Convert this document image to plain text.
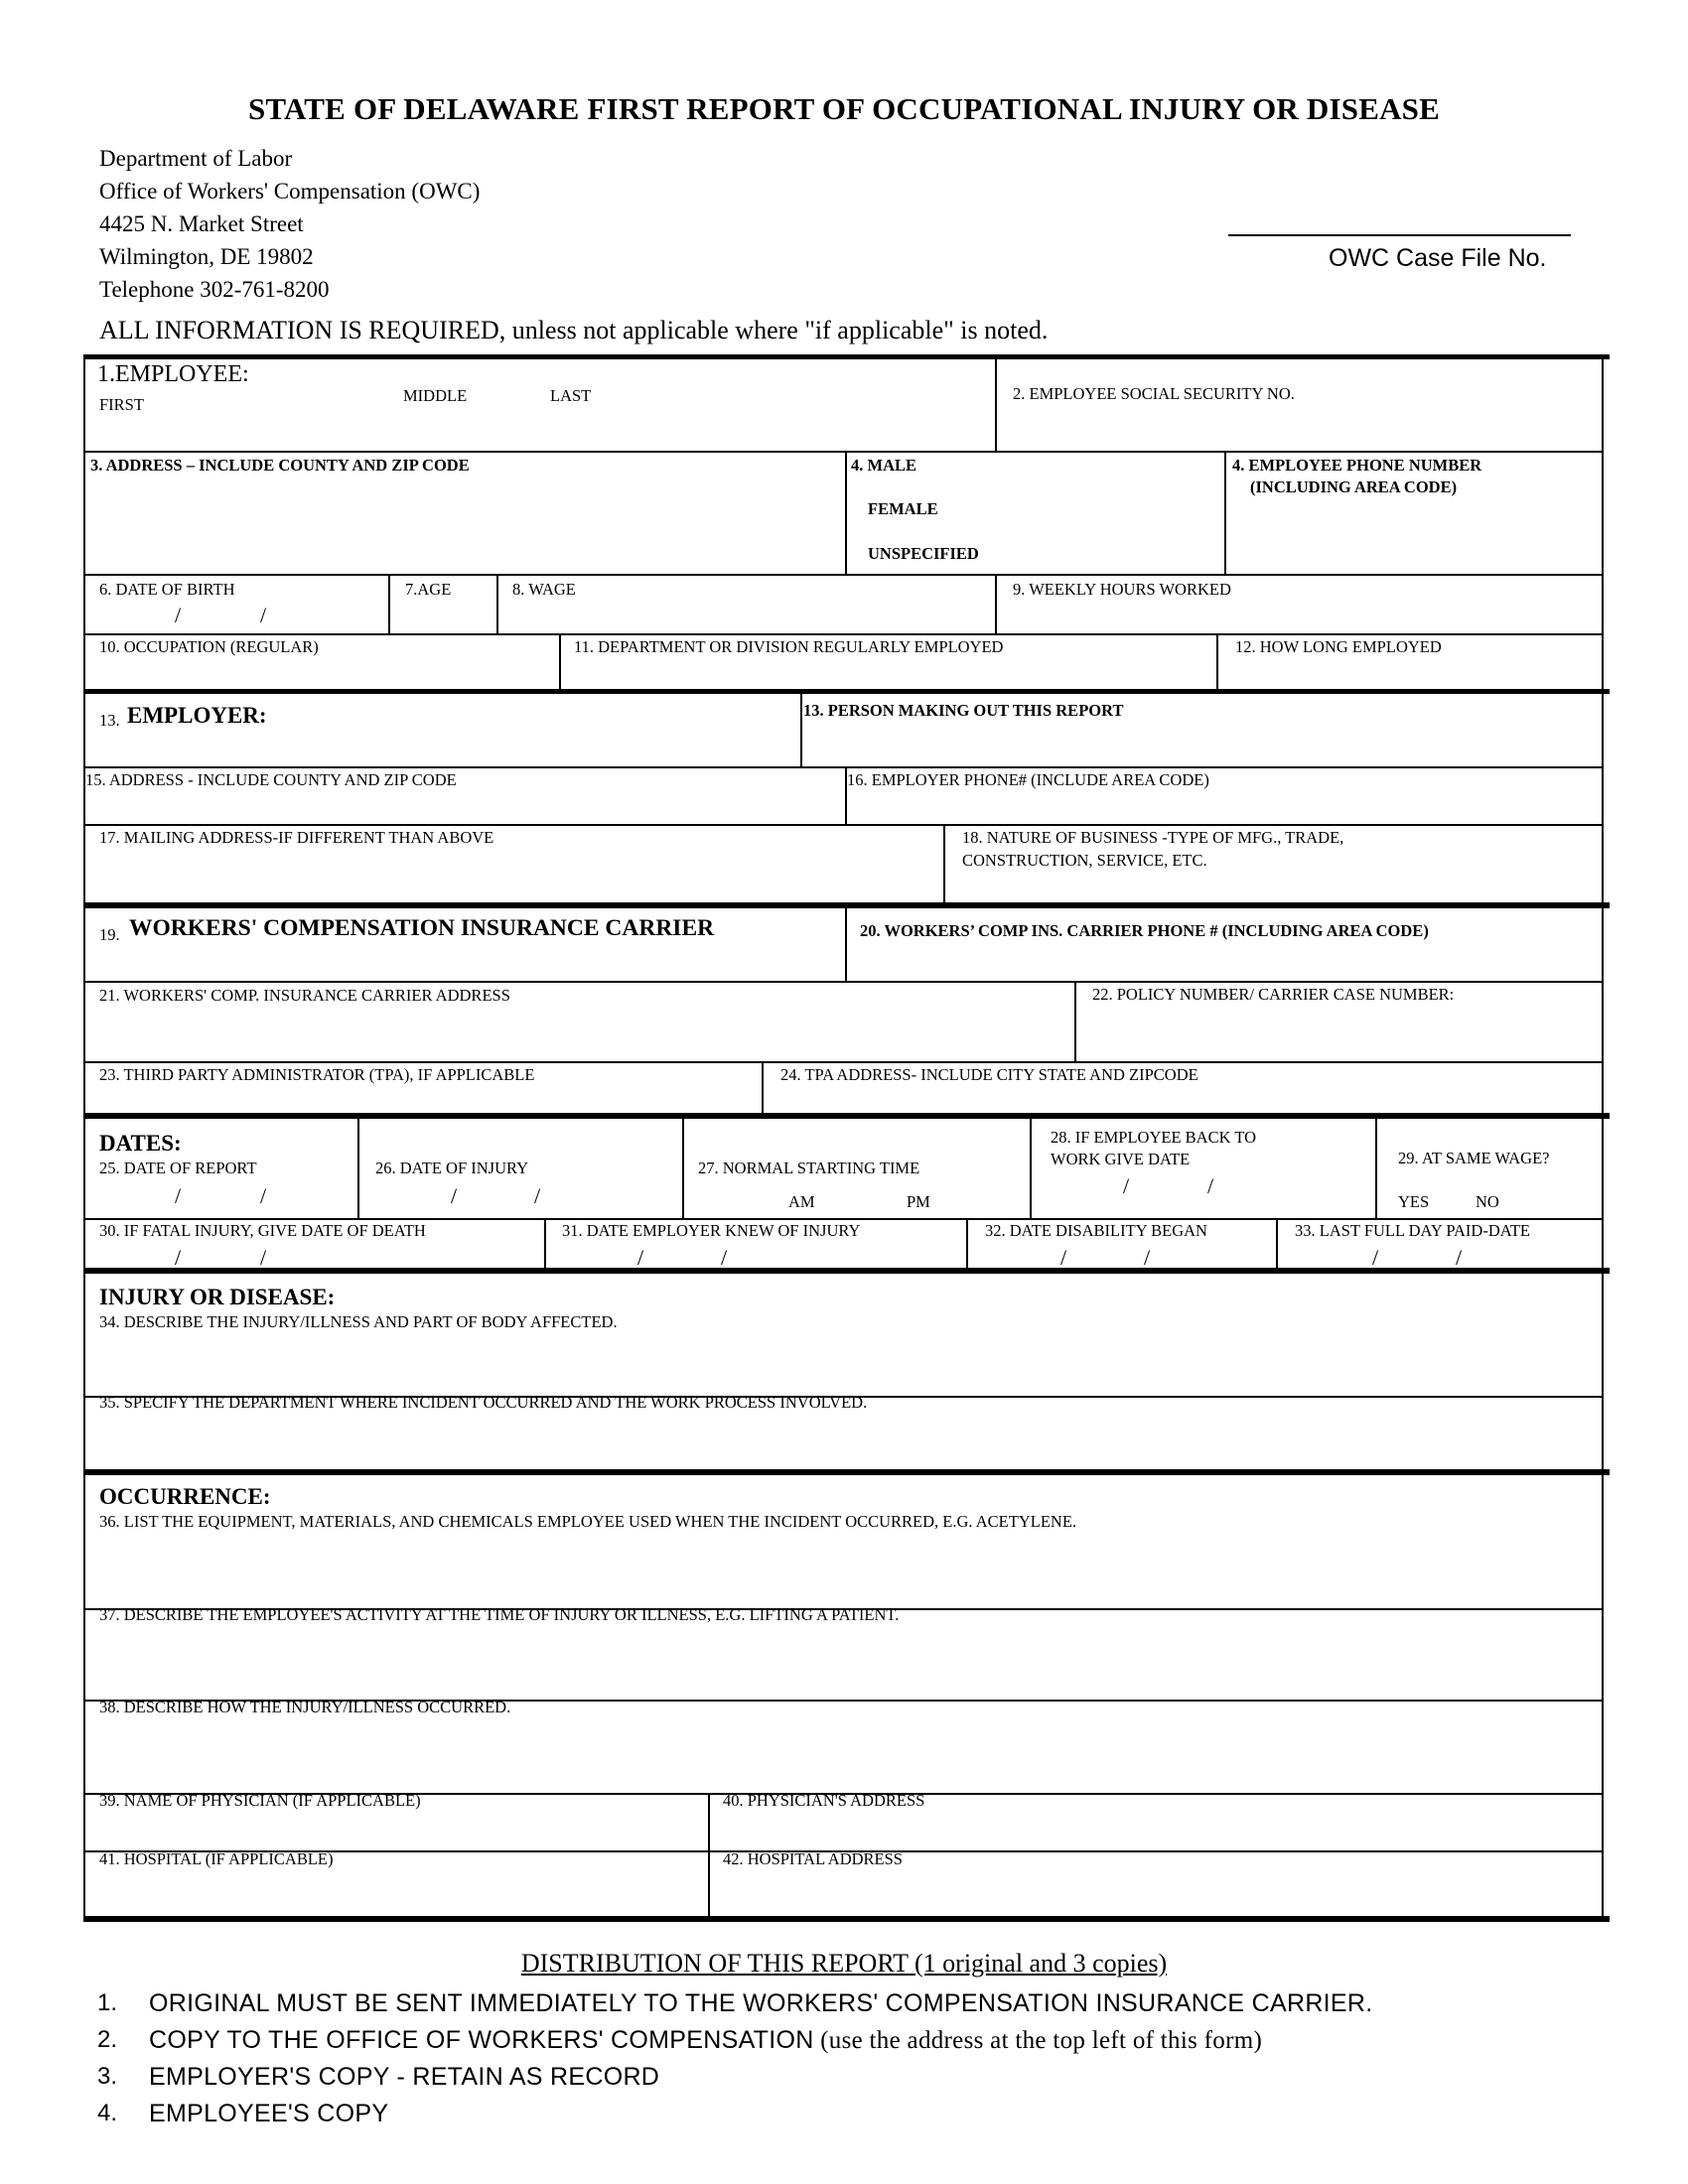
STATE OF DELAWARE FIRST REPORT OF OCCUPATIONAL INJURY OR DISEASE
Department of Labor
Office of Workers' Compensation (OWC)
4425 N. Market Street
Wilmington, DE 19802
Telephone 302-761-8200
OWC Case File No.
ALL INFORMATION IS REQUIRED, unless not applicable where "if applicable" is noted.
1.EMPLOYEE:
FIRST	MIDDLE	LAST	2. EMPLOYEE SOCIAL SECURITY NO.
3. ADDRESS – INCLUDE COUNTY AND ZIP CODE	4. MALE
FEMALE
UNSPECIFIED
4. EMPLOYEE PHONE NUMBER
(INCLUDING AREA CODE)
6. DATE OF BIRTH
/	/
7.AGE	8. WAGE	9. WEEKLY HOURS WORKED
10. OCCUPATION (REGULAR)	11. DEPARTMENT OR DIVISION REGULARLY EMPLOYED	12. HOW LONG EMPLOYED
13. EMPLOYER:	13. PERSON MAKING OUT THIS REPORT
15. ADDRESS - INCLUDE COUNTY AND ZIP CODE	16. EMPLOYER PHONE# (INCLUDE AREA CODE)
17. MAILING ADDRESS-IF DIFFERENT THAN ABOVE	18. NATURE OF BUSINESS -TYPE OF MFG., TRADE,
CONSTRUCTION, SERVICE, ETC.
19. WORKERS' COMPENSATION INSURANCE CARRIER	20. WORKERS’ COMP INS. CARRIER PHONE # (INCLUDING AREA CODE)
21. WORKERS' COMP. INSURANCE CARRIER ADDRESS	22. POLICY NUMBER/ CARRIER CASE NUMBER:
23. THIRD PARTY ADMINISTRATOR (TPA), IF APPLICABLE	24. TPA ADDRESS- INCLUDE CITY STATE AND ZIPCODE
DATES:
25. DATE OF REPORT
/	/
26. DATE OF INJURY
/	/
27. NORMAL STARTING TIME
AM	PM
28. IF EMPLOYEE BACK TO
WORK GIVE DATE
/	/
29. AT SAME WAGE?
YES	NO
30. IF FATAL INJURY, GIVE DATE OF DEATH
/	/
31. DATE EMPLOYER KNEW OF INJURY
/	/
32. DATE DISABILITY BEGAN
/	/
33. LAST FULL DAY PAID-DATE
/	/
INJURY OR DISEASE:
34. DESCRIBE THE INJURY/ILLNESS AND PART OF BODY AFFECTED.
35. SPECIFY THE DEPARTMENT WHERE INCIDENT OCCURRED AND THE WORK PROCESS INVOLVED.
OCCURRENCE:
36. LIST THE EQUIPMENT, MATERIALS, AND CHEMICALS EMPLOYEE USED WHEN THE INCIDENT OCCURRED, E.G. ACETYLENE.
37. DESCRIBE THE EMPLOYEE'S ACTIVITY AT THE TIME OF INJURY OR ILLNESS, E.G. LIFTING A PATIENT.
38. DESCRIBE HOW THE INJURY/ILLNESS OCCURRED.
39. NAME OF PHYSICIAN (IF APPLICABLE)	40. PHYSICIAN'S ADDRESS
41. HOSPITAL (IF APPLICABLE)	42. HOSPITAL ADDRESS
DISTRIBUTION OF THIS REPORT (1 original and 3 copies)
1.	ORIGINAL MUST BE SENT IMMEDIATELY TO THE WORKERS' COMPENSATION INSURANCE CARRIER.
2.	COPY TO THE OFFICE OF WORKERS' COMPENSATION (use the address at the top left of this form)
3.	EMPLOYER'S COPY - RETAIN AS RECORD
4.	EMPLOYEE'S COPY
